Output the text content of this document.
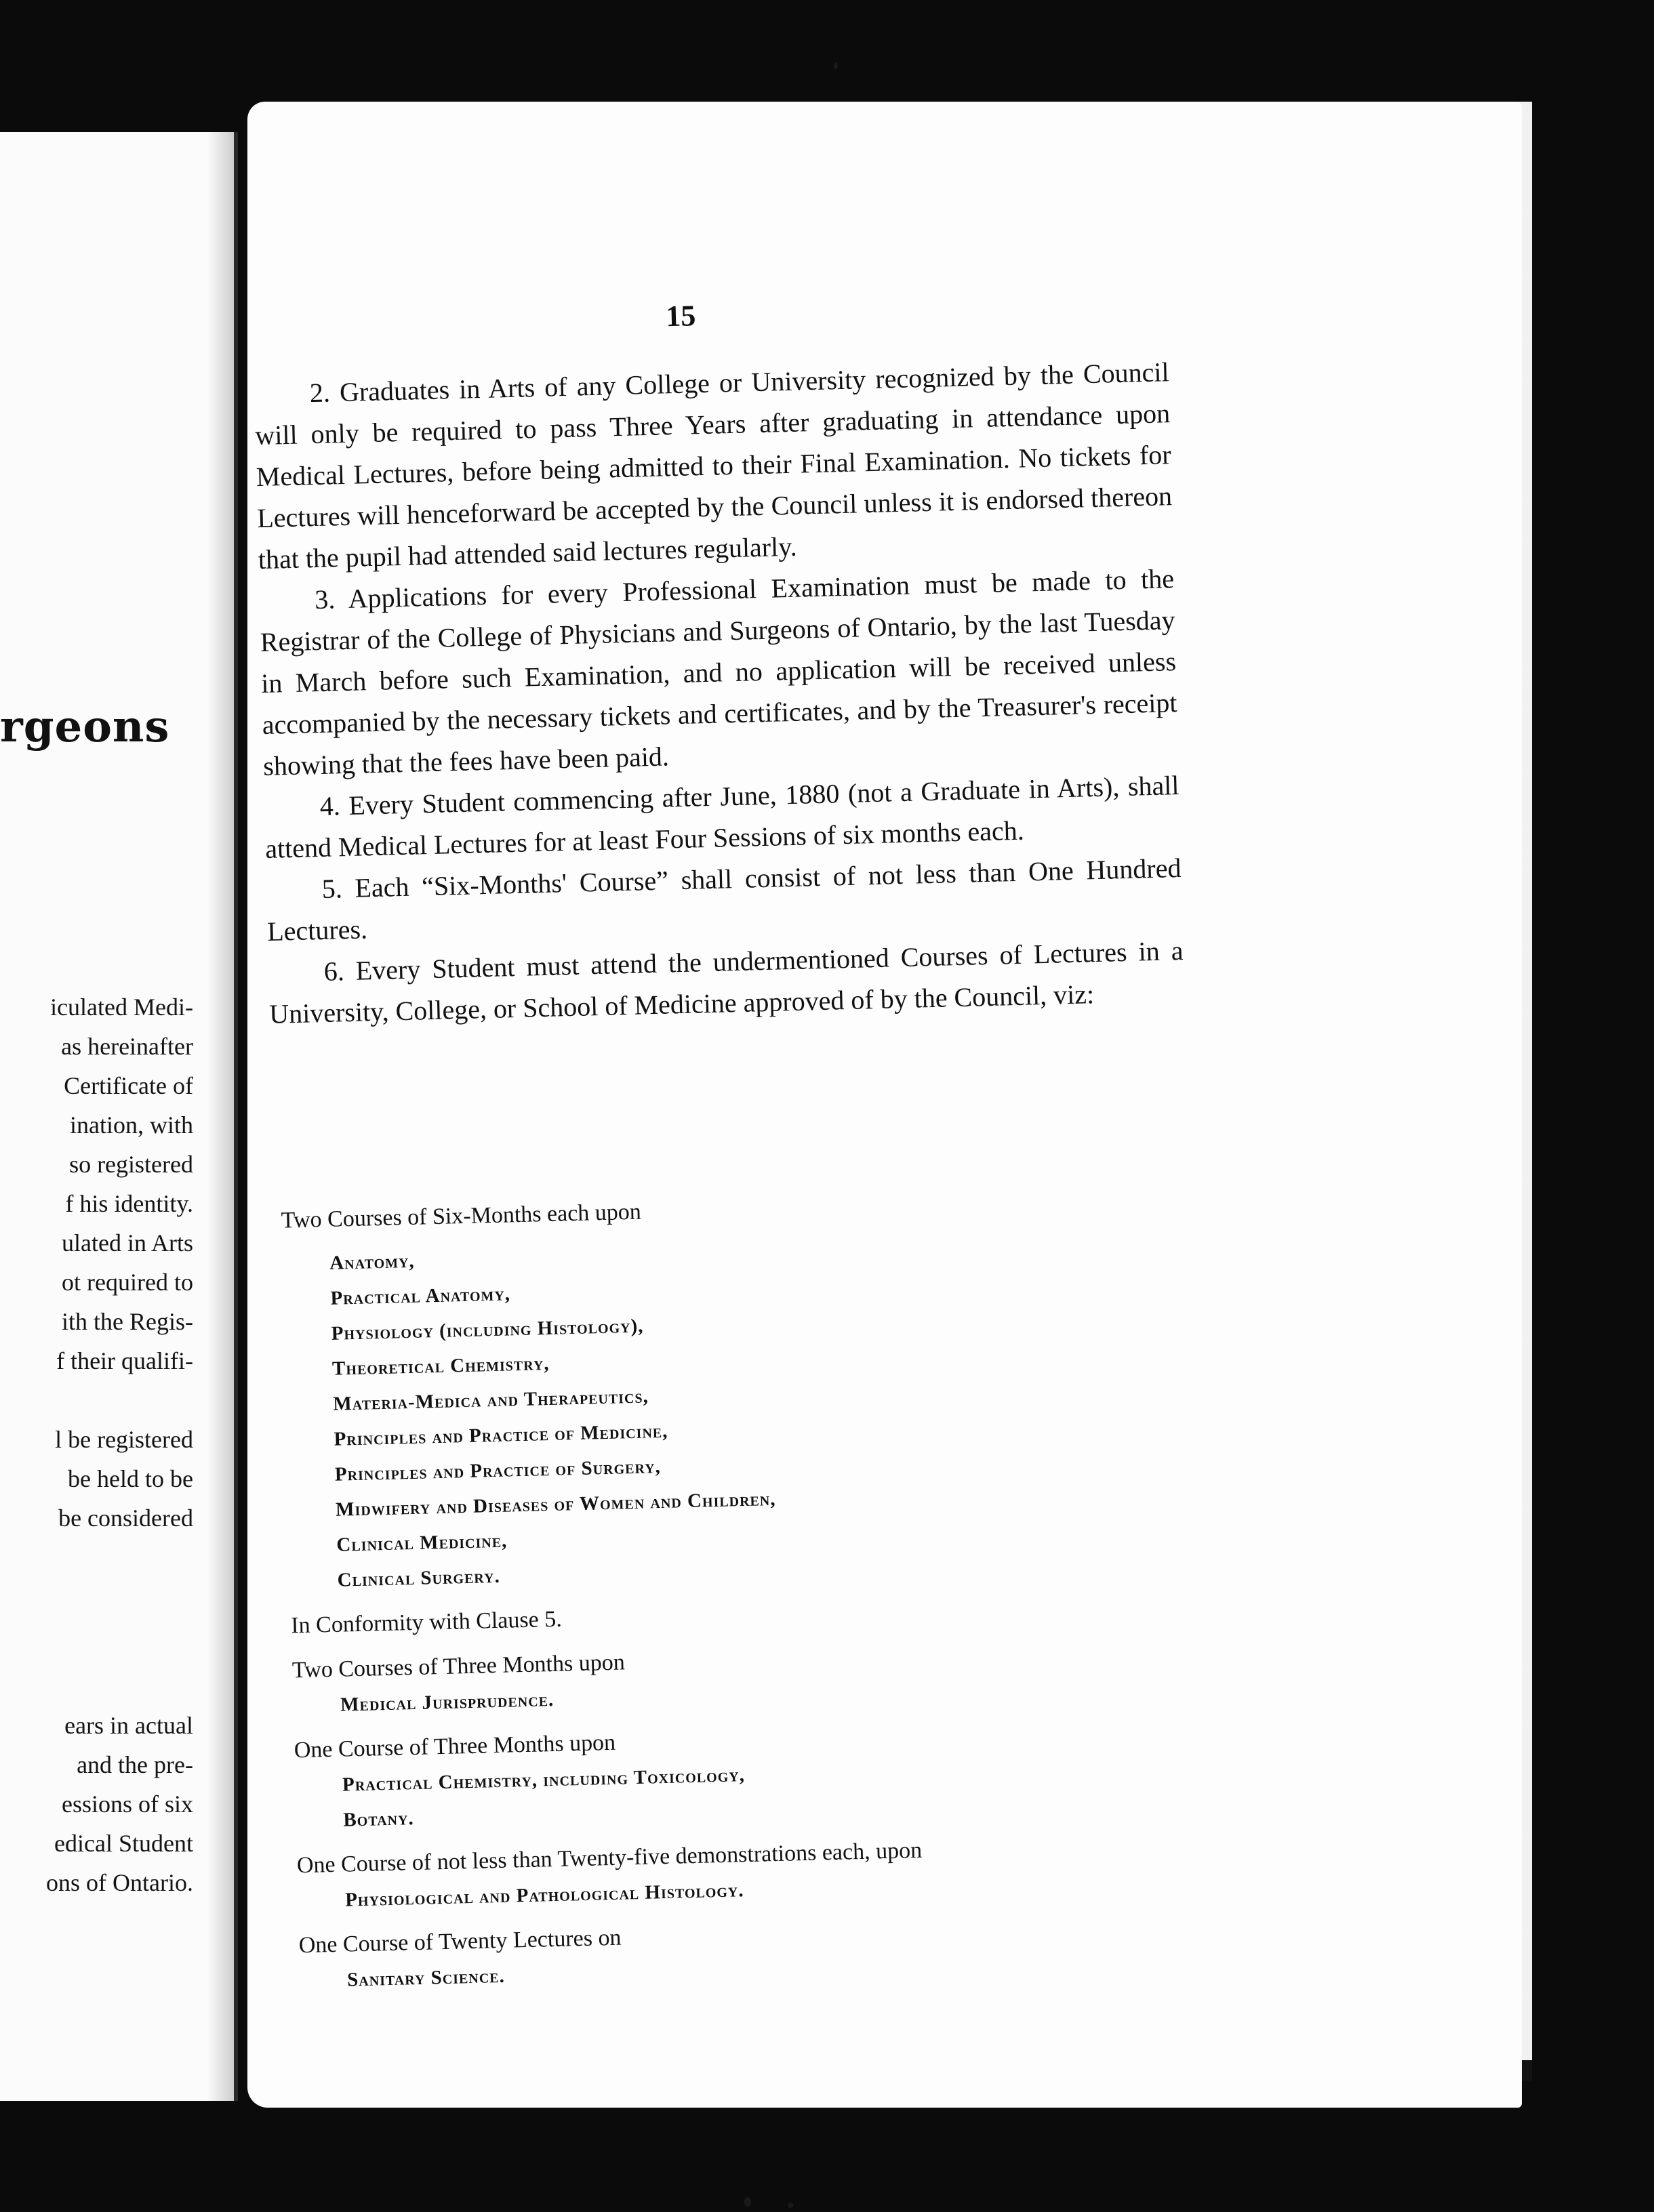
rgeons
iculated Medi-
as hereinafter
Certificate of
ination, with
so registered
f his identity.
ulated in Arts
ot required to
ith the Regis-
f their qualifi-
l be registered
be held to be
be considered
ears in actual
and the pre-
essions of six
edical Student
ons of Ontario.
15

2. Graduates in Arts of any College or University recognized by the Council will only be required to pass Three Years after graduating in attendance upon Medical Lectures, before being admitted to their Final Examination. No tickets for Lectures will henceforward be accepted by the Council unless it is endorsed thereon that the pupil had attended said lectures regularly.

3. Applications for every Professional Examination must be made to the Registrar of the College of Physicians and Surgeons of Ontario, by the last Tuesday in March before such Examination, and no application will be received unless accompanied by the necessary tickets and certificates, and by the Treasurer's receipt showing that the fees have been paid.

4. Every Student commencing after June, 1880 (not a Graduate in Arts), shall attend Medical Lectures for at least Four Sessions of six months each.

5. Each “Six-Months' Course” shall consist of not less than One Hundred Lectures.

6. Every Student must attend the undermentioned Courses of Lectures in a University, College, or School of Medicine approved of by the Council, viz:

Two Courses of Six-Months each upon
Anatomy,
Practical Anatomy,
Physiology (including Histology),
Theoretical Chemistry,
Materia-Medica and Therapeutics,
Principles and Practice of Medicine,
Principles and Practice of Surgery,
Midwifery and Diseases of Women and Children,
Clinical Medicine,
Clinical Surgery.
In Conformity with Clause 5.
Two Courses of Three Months upon
Medical Jurisprudence.
One Course of Three Months upon
Practical Chemistry, including Toxicology,
Botany.
One Course of not less than Twenty-five demonstrations each, upon
Physiological and Pathological Histology.
One Course of Twenty Lectures on
Sanitary Science.
